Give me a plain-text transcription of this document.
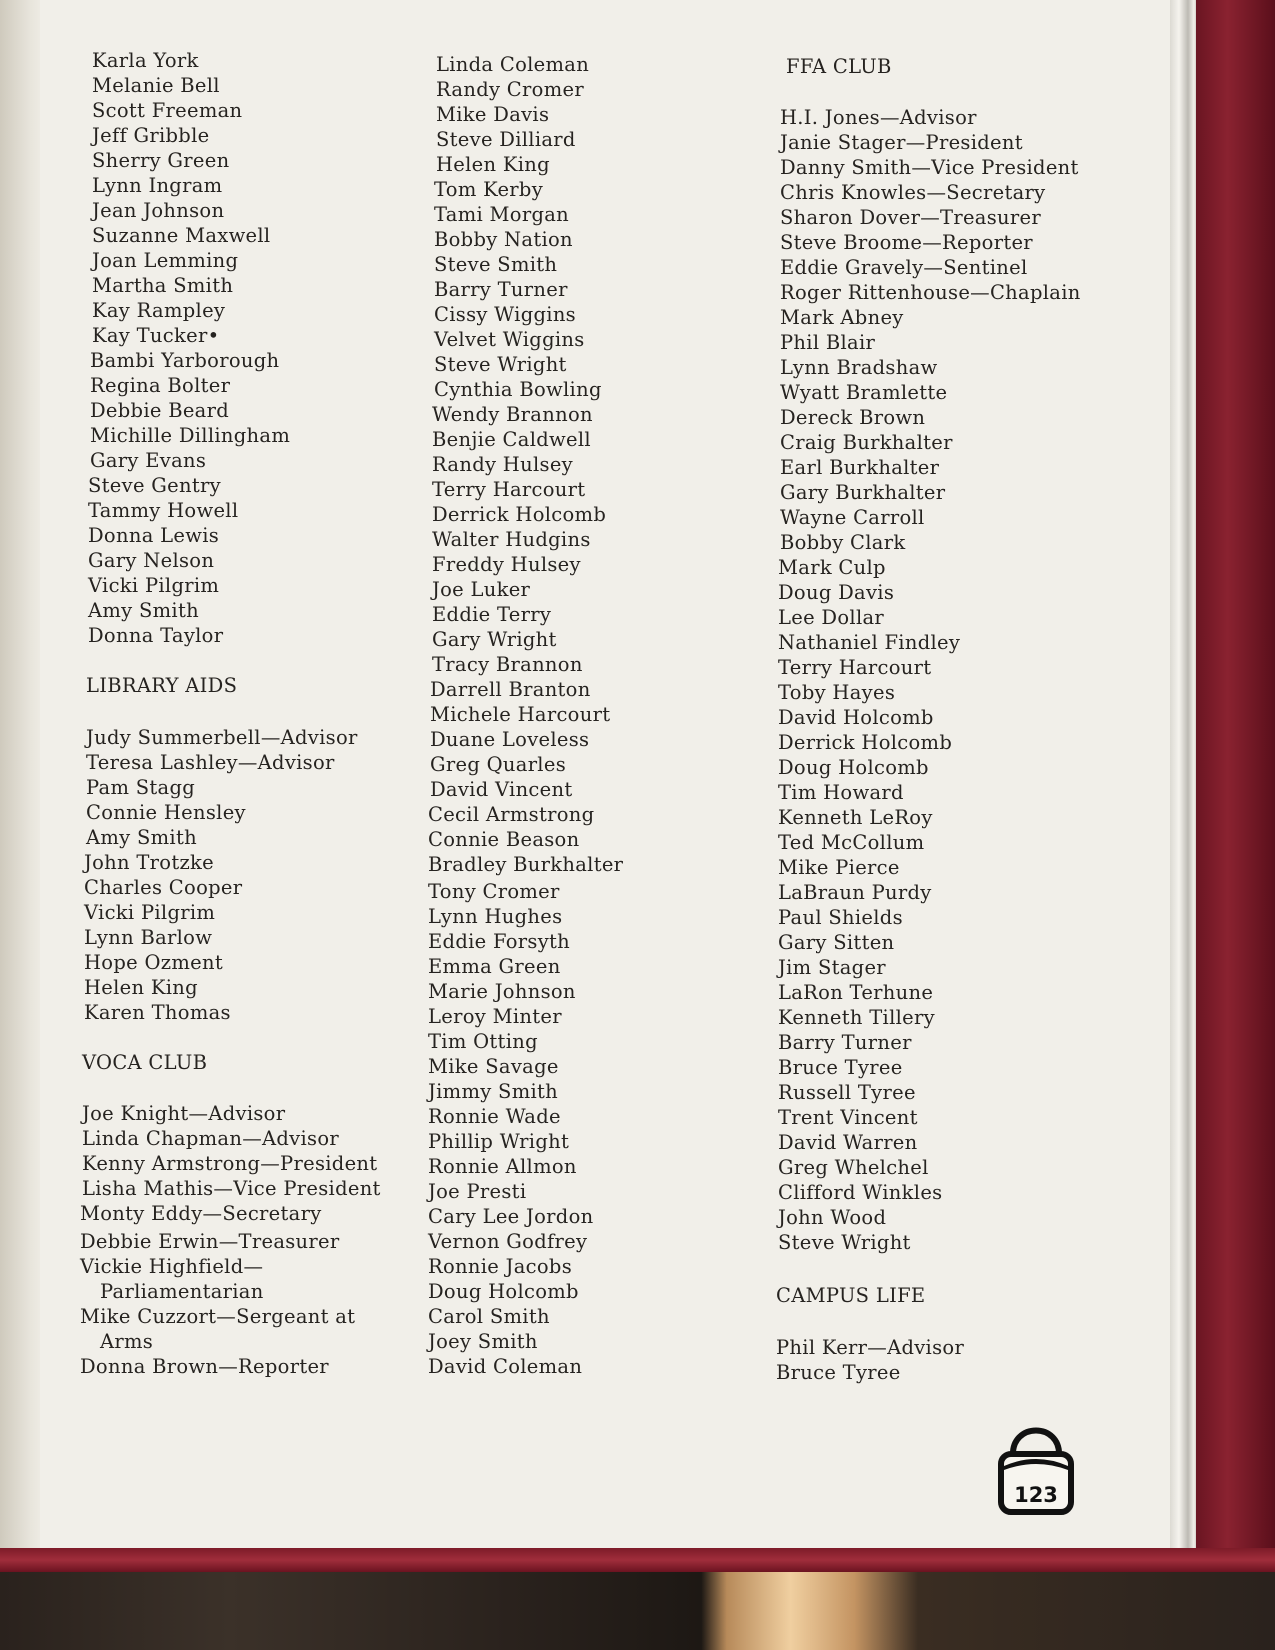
Karla York
Melanie Bell
Scott Freeman
Jeff Gribble
Sherry Green
Lynn Ingram
Jean Johnson
Suzanne Maxwell
Joan Lemming
Martha Smith
Kay Rampley
Kay Tucker•
Bambi Yarborough
Regina Bolter
Debbie Beard
Michille Dillingham
Gary Evans
Steve Gentry
Tammy Howell
Donna Lewis
Gary Nelson
Vicki Pilgrim
Amy Smith
Donna Taylor
LIBRARY AIDS
Judy Summerbell—Advisor
Teresa Lashley—Advisor
Pam Stagg
Connie Hensley
Amy Smith
John Trotzke
Charles Cooper
Vicki Pilgrim
Lynn Barlow
Hope Ozment
Helen King
Karen Thomas
VOCA CLUB
Joe Knight—Advisor
Linda Chapman—Advisor
Kenny Armstrong—President
Lisha Mathis—Vice President
Monty Eddy—Secretary
Debbie Erwin—Treasurer
Vickie Highfield—
Parliamentarian
Mike Cuzzort—Sergeant at
Arms
Donna Brown—Reporter
Linda Coleman
Randy Cromer
Mike Davis
Steve Dilliard
Helen King
Tom Kerby
Tami Morgan
Bobby Nation
Steve Smith
Barry Turner
Cissy Wiggins
Velvet Wiggins
Steve Wright
Cynthia Bowling
Wendy Brannon
Benjie Caldwell
Randy Hulsey
Terry Harcourt
Derrick Holcomb
Walter Hudgins
Freddy Hulsey
Joe Luker
Eddie Terry
Gary Wright
Tracy Brannon
Darrell Branton
Michele Harcourt
Duane Loveless
Greg Quarles
David Vincent
Cecil Armstrong
Connie Beason
Bradley Burkhalter
Tony Cromer
Lynn Hughes
Eddie Forsyth
Emma Green
Marie Johnson
Leroy Minter
Tim Otting
Mike Savage
Jimmy Smith
Ronnie Wade
Phillip Wright
Ronnie Allmon
Joe Presti
Cary Lee Jordon
Vernon Godfrey
Ronnie Jacobs
Doug Holcomb
Carol Smith
Joey Smith
David Coleman
FFA CLUB
H.I. Jones—Advisor
Janie Stager—President
Danny Smith—Vice President
Chris Knowles—Secretary
Sharon Dover—Treasurer
Steve Broome—Reporter
Eddie Gravely—Sentinel
Roger Rittenhouse—Chaplain
Mark Abney
Phil Blair
Lynn Bradshaw
Wyatt Bramlette
Dereck Brown
Craig Burkhalter
Earl Burkhalter
Gary Burkhalter
Wayne Carroll
Bobby Clark
Mark Culp
Doug Davis
Lee Dollar
Nathaniel Findley
Terry Harcourt
Toby Hayes
David Holcomb
Derrick Holcomb
Doug Holcomb
Tim Howard
Kenneth LeRoy
Ted McCollum
Mike Pierce
LaBraun Purdy
Paul Shields
Gary Sitten
Jim Stager
LaRon Terhune
Kenneth Tillery
Barry Turner
Bruce Tyree
Russell Tyree
Trent Vincent
David Warren
Greg Whelchel
Clifford Winkles
John Wood
Steve Wright
CAMPUS LIFE
Phil Kerr—Advisor
Bruce Tyree
123
